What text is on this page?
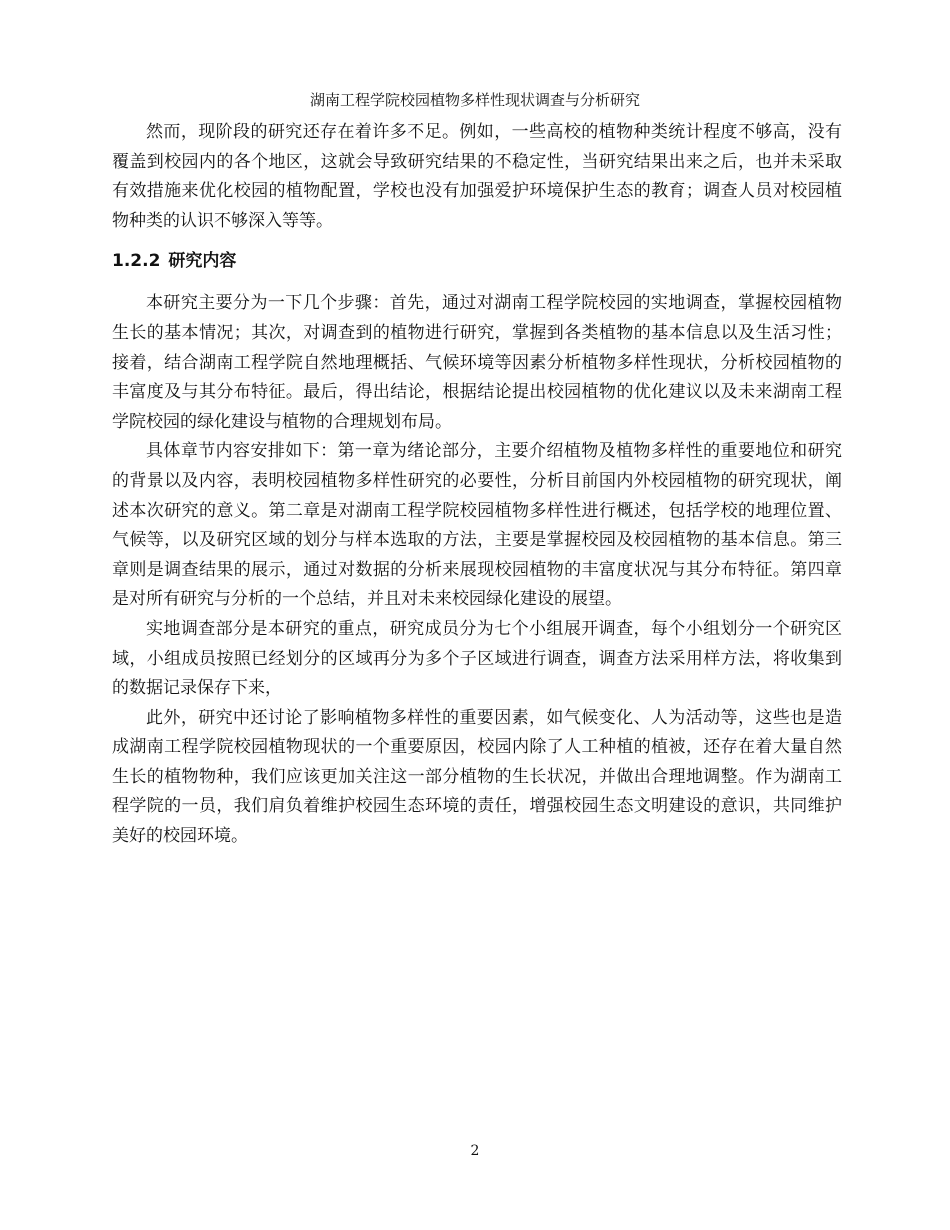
湖南工程学院校园植物多样性现状调查与分析研究

然而，现阶段的研究还存在着许多不足。例如，一些高校的植物种类统计程度不够高，没有覆盖到校园内的各个地区，这就会导致研究结果的不稳定性，当研究结果出来之后，也并未采取有效措施来优化校园的植物配置，学校也没有加强爱护环境保护生态的教育；调查人员对校园植物种类的认识不够深入等等。

1.2.2 研究内容

本研究主要分为一下几个步骤：首先，通过对湖南工程学院校园的实地调查，掌握校园植物生长的基本情况；其次，对调查到的植物进行研究，掌握到各类植物的基本信息以及生活习性；接着，结合湖南工程学院自然地理概括、气候环境等因素分析植物多样性现状，分析校园植物的丰富度及与其分布特征。最后，得出结论，根据结论提出校园植物的优化建议以及未来湖南工程学院校园的绿化建设与植物的合理规划布局。

具体章节内容安排如下：第一章为绪论部分，主要介绍植物及植物多样性的重要地位和研究的背景以及内容，表明校园植物多样性研究的必要性，分析目前国内外校园植物的研究现状，阐述本次研究的意义。第二章是对湖南工程学院校园植物多样性进行概述，包括学校的地理位置、气候等，以及研究区域的划分与样本选取的方法，主要是掌握校园及校园植物的基本信息。第三章则是调查结果的展示，通过对数据的分析来展现校园植物的丰富度状况与其分布特征。第四章是对所有研究与分析的一个总结，并且对未来校园绿化建设的展望。

实地调查部分是本研究的重点，研究成员分为七个小组展开调查，每个小组划分一个研究区域，小组成员按照已经划分的区域再分为多个子区域进行调查，调查方法采用样方法，将收集到的数据记录保存下来，

此外，研究中还讨论了影响植物多样性的重要因素，如气候变化、人为活动等，这些也是造成湖南工程学院校园植物现状的一个重要原因，校园内除了人工种植的植被，还存在着大量自然生长的植物物种，我们应该更加关注这一部分植物的生长状况，并做出合理地调整。作为湖南工程学院的一员，我们肩负着维护校园生态环境的责任，增强校园生态文明建设的意识，共同维护美好的校园环境。

2
